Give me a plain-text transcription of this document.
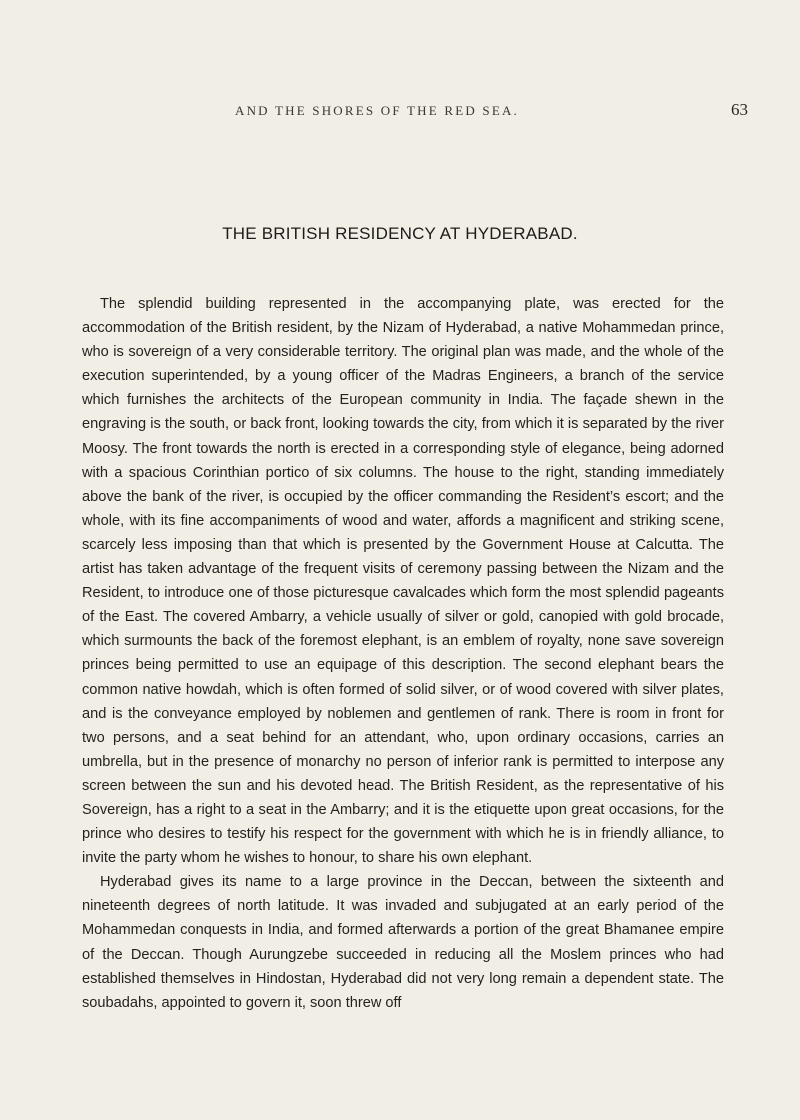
AND THE SHORES OF THE RED SEA.	63
THE BRITISH RESIDENCY AT HYDERABAD.

The splendid building represented in the accompanying plate, was erected for the accommodation of the British resident, by the Nizam of Hyderabad, a native Mohammedan prince, who is sovereign of a very considerable territory. The original plan was made, and the whole of the execution superintended, by a young officer of the Madras Engineers, a branch of the service which furnishes the architects of the European community in India. The façade shewn in the engraving is the south, or back front, looking towards the city, from which it is separated by the river Moosy. The front towards the north is erected in a corresponding style of elegance, being adorned with a spacious Corinthian portico of six columns. The house to the right, standing immediately above the bank of the river, is occupied by the officer commanding the Resident’s escort; and the whole, with its fine accompaniments of wood and water, affords a magnificent and striking scene, scarcely less imposing than that which is presented by the Government House at Calcutta. The artist has taken advantage of the frequent visits of ceremony passing between the Nizam and the Resident, to introduce one of those picturesque cavalcades which form the most splendid pageants of the East. The covered Ambarry, a vehicle usually of silver or gold, canopied with gold brocade, which surmounts the back of the foremost elephant, is an emblem of royalty, none save sovereign princes being permitted to use an equipage of this description. The second elephant bears the common native howdah, which is often formed of solid silver, or of wood covered with silver plates, and is the conveyance employed by noblemen and gentlemen of rank. There is room in front for two persons, and a seat behind for an attendant, who, upon ordinary occasions, carries an umbrella, but in the presence of monarchy no person of inferior rank is permitted to interpose any screen between the sun and his devoted head. The British Resident, as the representative of his Sovereign, has a right to a seat in the Ambarry; and it is the etiquette upon great occasions, for the prince who desires to testify his respect for the government with which he is in friendly alliance, to invite the party whom he wishes to honour, to share his own elephant.

Hyderabad gives its name to a large province in the Deccan, between the sixteenth and nineteenth degrees of north latitude. It was invaded and subjugated at an early period of the Mohammedan conquests in India, and formed afterwards a portion of the great Bhamanee empire of the Deccan. Though Aurungzebe succeeded in reducing all the Moslem princes who had established themselves in Hindostan, Hyderabad did not very long remain a dependent state. The soubadahs, appointed to govern it, soon threw off
